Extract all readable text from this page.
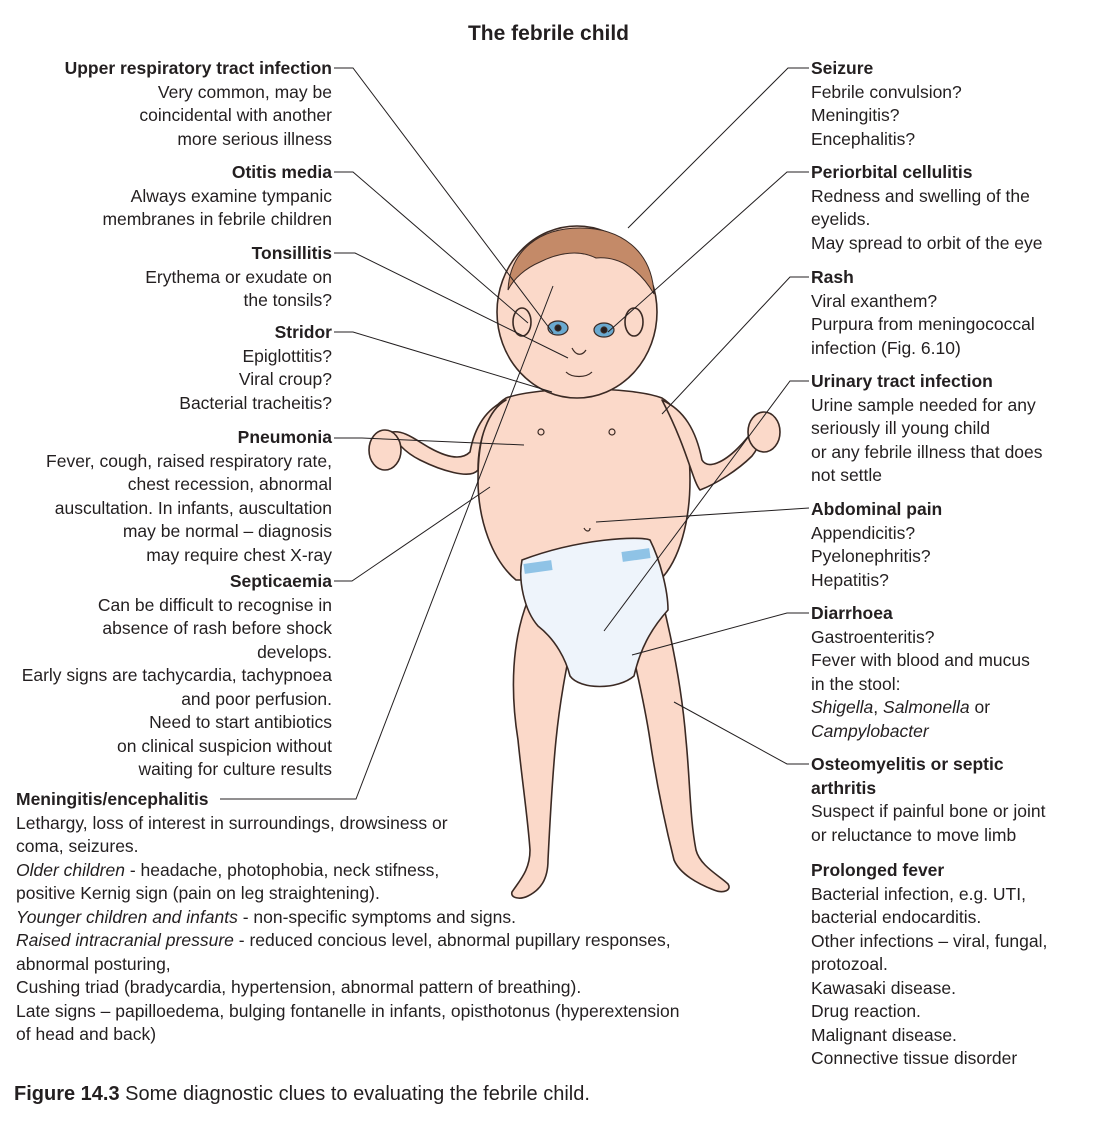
The febrile child
Upper respiratory tract infection
Very common, may be
coincidental with another
more serious illness
Otitis media
Always examine tympanic
membranes in febrile children
Tonsillitis
Erythema or exudate on
the tonsils?
Stridor
Epiglottitis?
Viral croup?
Bacterial tracheitis?
Pneumonia
Fever, cough, raised respiratory rate,
chest recession, abnormal
auscultation. In infants, auscultation
may be normal – diagnosis
may require chest X-ray
Septicaemia
Can be difficult to recognise in
absence of rash before shock
develops.
Early signs are tachycardia, tachypnoea
and poor perfusion.
Need to start antibiotics
on clinical suspicion without
waiting for culture results
Meningitis/encephalitis
Lethargy, loss of interest in surroundings, drowsiness or
coma, seizures.
Older children - headache, photophobia, neck stifness,
positive Kernig sign (pain on leg straightening).
Younger children and infants - non-specific symptoms and signs.
Raised intracranial pressure - reduced concious level, abnormal pupillary responses,
abnormal posturing,
Cushing triad (bradycardia, hypertension, abnormal pattern of breathing).
Late signs – papilloedema, bulging fontanelle in infants, opisthotonus (hyperextension
of head and back)
Seizure
Febrile convulsion?
Meningitis?
Encephalitis?
Periorbital cellulitis
Redness and swelling of the
eyelids.
May spread to orbit of the eye
Rash
Viral exanthem?
Purpura from meningococcal
infection (Fig. 6.10)
Urinary tract infection
Urine sample needed for any
seriously ill young child
or any febrile illness that does
not settle
Abdominal pain
Appendicitis?
Pyelonephritis?
Hepatitis?
Diarrhoea
Gastroenteritis?
Fever with blood and mucus
in the stool:
Shigella, Salmonella or
Campylobacter
Osteomyelitis or septic
arthritis
Suspect if painful bone or joint
or reluctance to move limb
Prolonged fever
Bacterial infection, e.g. UTI,
bacterial endocarditis.
Other infections – viral, fungal,
protozoal.
Kawasaki disease.
Drug reaction.
Malignant disease.
Connective tissue disorder
Figure 14.3 Some diagnostic clues to evaluating the febrile child.
